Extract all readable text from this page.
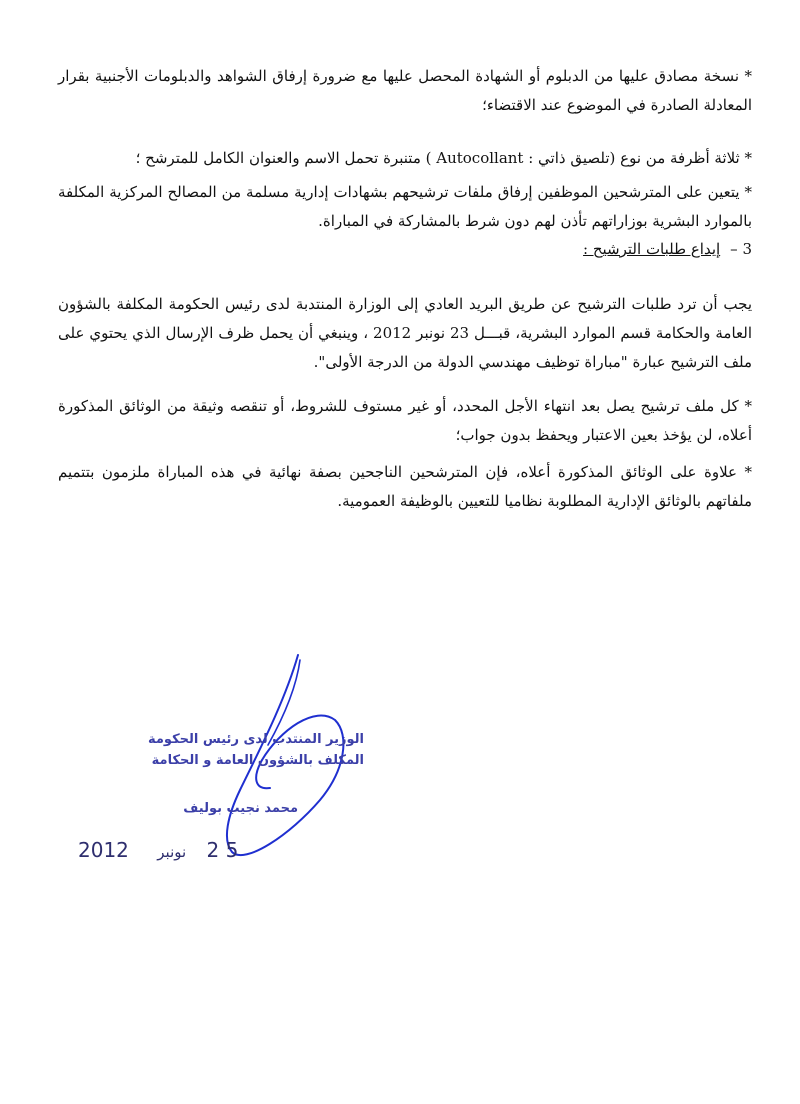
* نسخة مصادق عليها من الدبلوم أو الشهادة المحصل عليها مع ضرورة إرفاق الشواهد والدبلومات الأجنبية بقرار المعادلة الصادرة في الموضوع عند الاقتضاء؛
* ثلاثة أظرفة من نوع (تلصيق ذاتي : Autocollant ) متنبرة تحمل الاسم والعنوان الكامل للمترشح ؛
* يتعين على المترشحين الموظفين إرفاق ملفات ترشيحهم بشهادات إدارية مسلمة من المصالح المركزية المكلفة بالموارد البشرية بوزاراتهم تأذن لهم دون شرط بالمشاركة في المباراة.
3 –إيداع طلبات الترشيح :
يجب أن ترد طلبات الترشيح عن طريق البريد العادي إلى الوزارة المنتدبة لدى رئيس الحكومة المكلفة بالشؤون العامة والحكامة قسم الموارد البشرية، قبـــل 23 نونبر 2012 ، وينبغي أن يحمل ظرف الإرسال الذي يحتوي على ملف الترشيح عبارة "مباراة توظيف مهندسي الدولة من الدرجة الأولى".
* كل ملف ترشيح يصل بعد انتهاء الأجل المحدد، أو غير مستوف للشروط، أو تنقصه وثيقة من الوثائق المذكورة أعلاه، لن يؤخذ بعين الاعتبار ويحفظ بدون جواب؛
* علاوة على الوثائق المذكورة أعلاه، فإن المترشحين الناجحين بصفة نهائية في هذه المباراة ملزمون بتتميم ملفاتهم بالوثائق الإدارية المطلوبة نظاميا للتعيين بالوظيفة العمومية.
الوزير المنتدب لدى رئيس الحكومة
المكلف بالشؤون العامة و الحكامة
محمد نجيب بوليف
2012 نونبر 2 5
